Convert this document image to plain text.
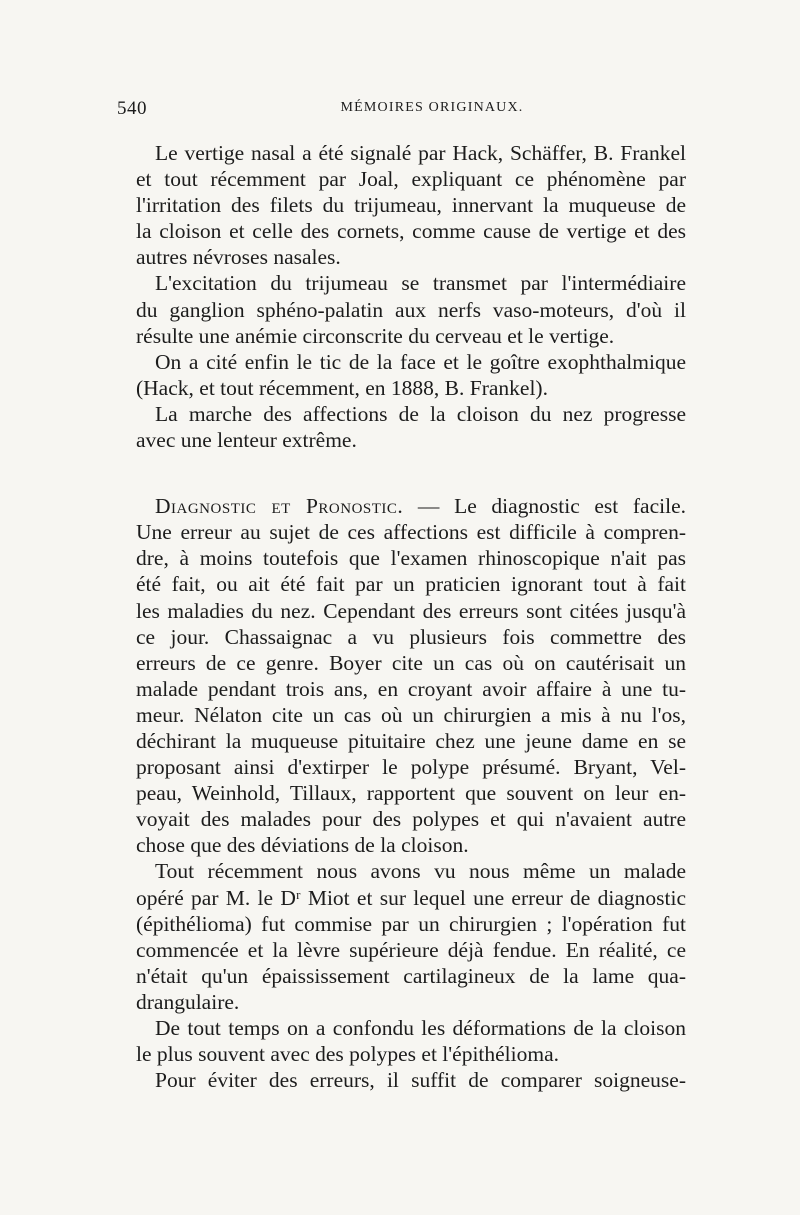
540	MÉMOIRES ORIGINAUX.

Le vertige nasal a été signalé par Hack, Schäffer, B. Frankel
et tout récemment par Joal, expliquant ce phénomène par
l'irritation des filets du trijumeau, innervant la muqueuse de
la cloison et celle des cornets, comme cause de vertige et des
autres névroses nasales.

L'excitation du trijumeau se transmet par l'intermédiaire
du ganglion sphéno-palatin aux nerfs vaso-moteurs, d'où il
résulte une anémie circonscrite du cerveau et le vertige.

On a cité enfin le tic de la face et le goître exophthalmique
(Hack, et tout récemment, en 1888, B. Frankel).

La marche des affections de la cloison du nez progresse
avec une lenteur extrême.

Diagnostic et Pronostic. — Le diagnostic est facile.
Une erreur au sujet de ces affections est difficile à compren-
dre, à moins toutefois que l'examen rhinoscopique n'ait pas
été fait, ou ait été fait par un praticien ignorant tout à fait
les maladies du nez. Cependant des erreurs sont citées jusqu'à
ce jour. Chassaignac a vu plusieurs fois commettre des
erreurs de ce genre. Boyer cite un cas où on cautérisait un
malade pendant trois ans, en croyant avoir affaire à une tu-
meur. Nélaton cite un cas où un chirurgien a mis à nu l'os,
déchirant la muqueuse pituitaire chez une jeune dame en se
proposant ainsi d'extirper le polype présumé. Bryant, Vel-
peau, Weinhold, Tillaux, rapportent que souvent on leur en-
voyait des malades pour des polypes et qui n'avaient autre
chose que des déviations de la cloison.

Tout récemment nous avons vu nous même un malade
opéré par M. le Dʳ Miot et sur lequel une erreur de diagnostic
(épithélioma) fut commise par un chirurgien ; l'opération fut
commencée et la lèvre supérieure déjà fendue. En réalité, ce
n'était qu'un épaississement cartilagineux de la lame qua-
drangulaire.

De tout temps on a confondu les déformations de la cloison
le plus souvent avec des polypes et l'épithélioma.

Pour éviter des erreurs, il suffit de comparer soigneuse-
